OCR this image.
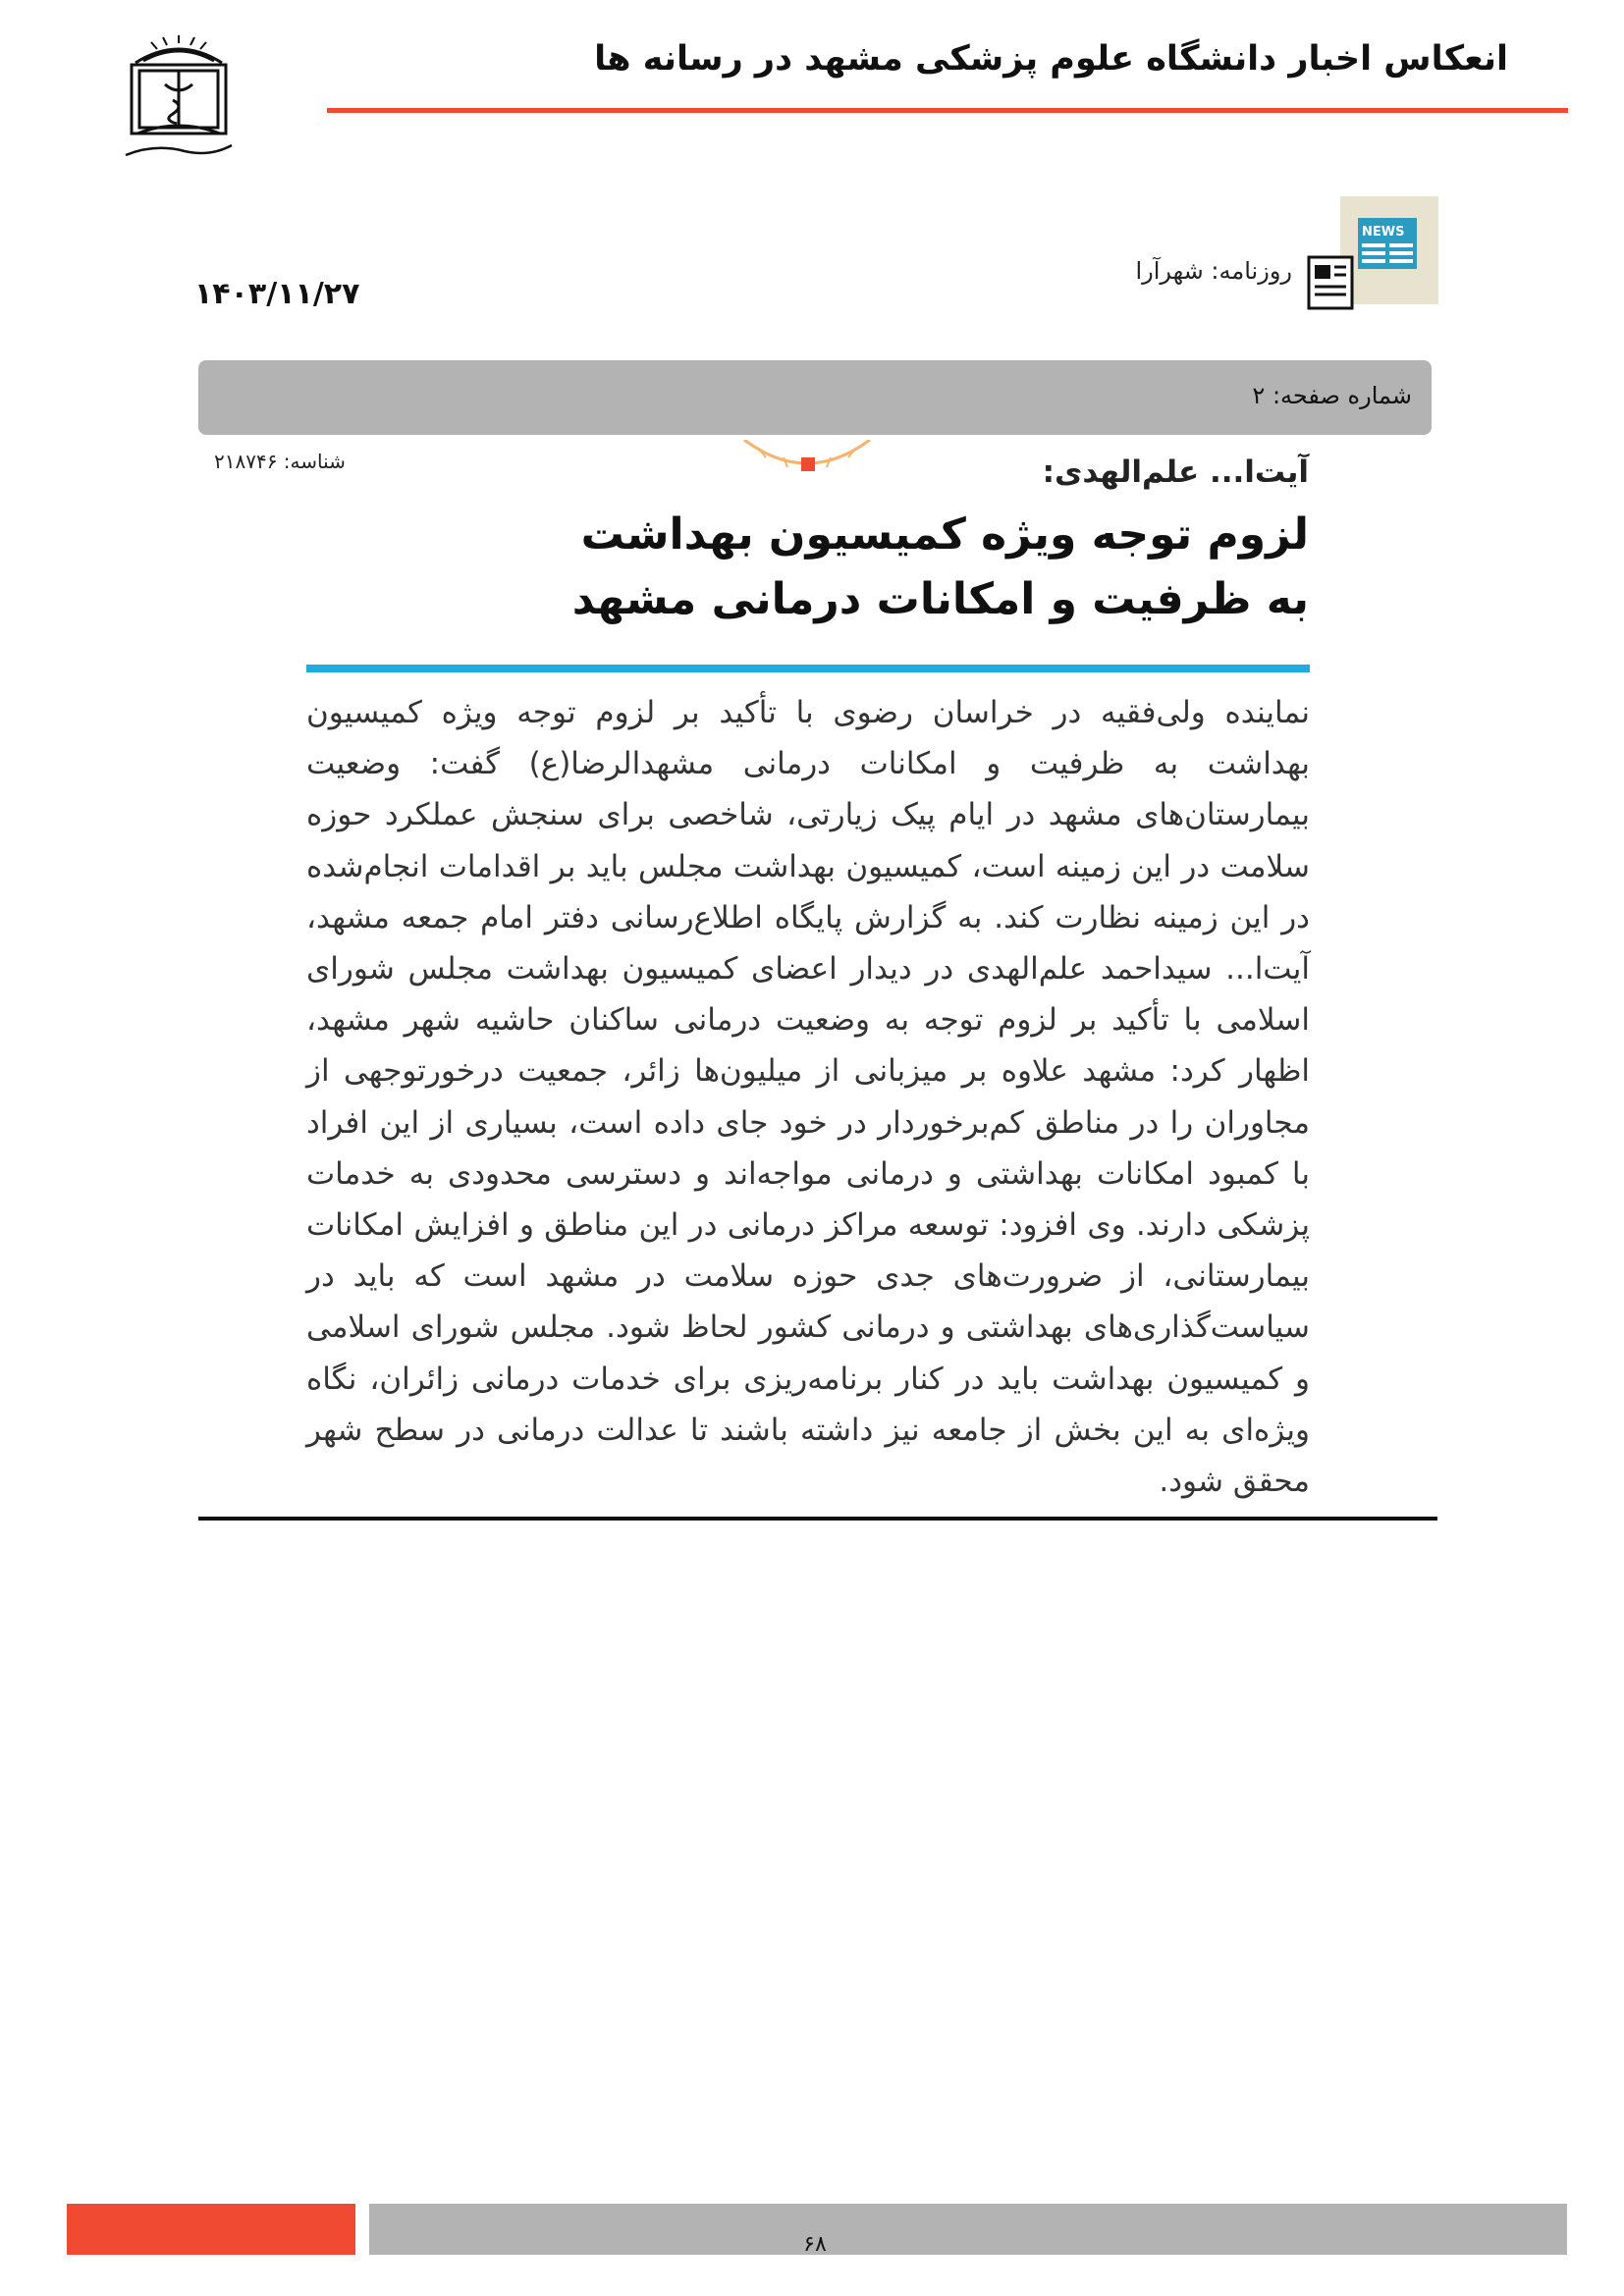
انعکاس اخبار دانشگاه علوم پزشکی مشهد در رسانه ها
NEWS
روزنامه: شهرآرا
۱۴۰۳/۱۱/۲۷
شماره صفحه: ۲
شناسه: ۲۱۸۷۴۶	آیت‌ا... علم‌الهدی:
لزوم توجه ویژه کمیسیون بهداشت
به ظرفیت و امکانات درمانی مشهد
نماینده ولی‌فقیه در خراسان رضوی با تأکید بر لزوم توجه ویژه کمیسیون بهداشت به ظرفیت و امکانات درمانی مشهدالرضا(ع) گفت: وضعیت بیمارستان‌های مشهد در ایام پیک زیارتی، شاخصی برای سنجش عملکرد حوزه سلامت در این زمینه است، کمیسیون بهداشت مجلس باید بر اقدامات انجام‌شده در این زمینه نظارت کند. به گزارش پایگاه اطلاع‌رسانی دفتر امام جمعه مشهد، آیت‌ا... سیداحمد علم‌الهدی در دیدار اعضای کمیسیون بهداشت مجلس شورای اسلامی با تأکید بر لزوم توجه به وضعیت درمانی ساکنان حاشیه شهر مشهد، اظهار کرد: مشهد علاوه بر میزبانی از میلیون‌ها زائر، جمعیت درخورتوجهی از مجاوران را در مناطق کم‌برخوردار در خود جای داده است، بسیاری از این افراد با کمبود امکانات بهداشتی و درمانی مواجه‌اند و دسترسی محدودی به خدمات پزشکی دارند. وی افزود: توسعه مراکز درمانی در این مناطق و افزایش امکانات بیمارستانی، از ضرورت‌های جدی حوزه سلامت در مشهد است که باید در سیاست‌گذاری‌های بهداشتی و درمانی کشور لحاظ شود. مجلس شورای اسلامی و کمیسیون بهداشت باید در کنار برنامه‌ریزی برای خدمات درمانی زائران، نگاه ویژه‌ای به این بخش از جامعه نیز داشته باشند تا عدالت درمانی در سطح شهر محقق شود.
۶۸
